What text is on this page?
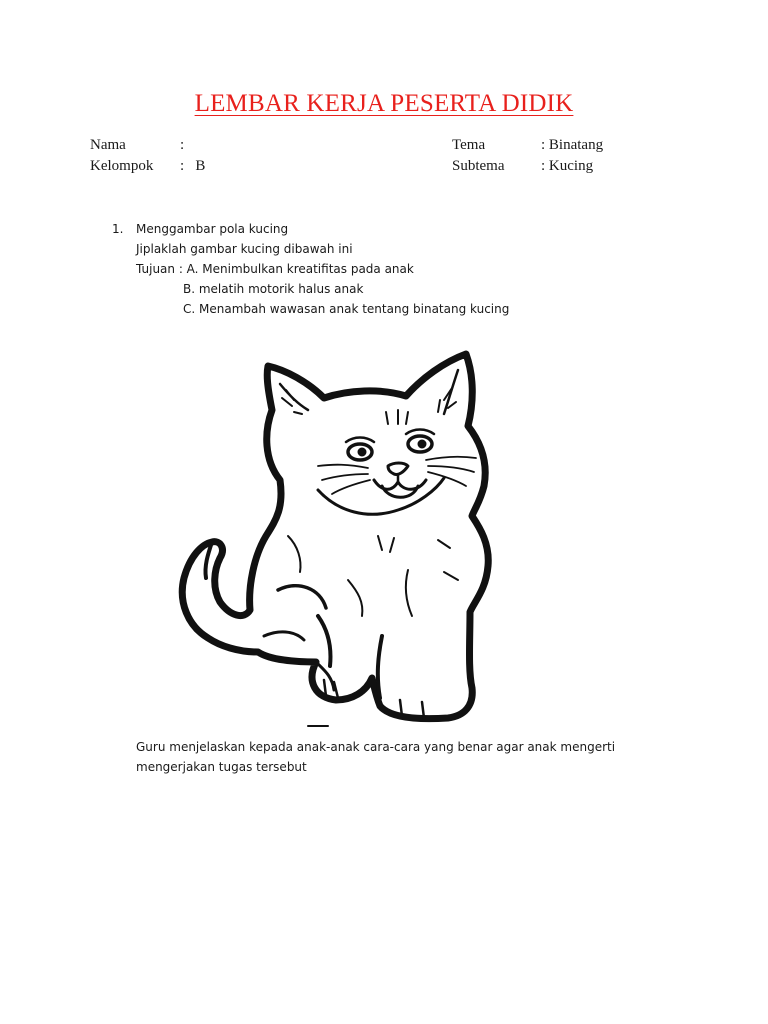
LEMBAR KERJA PESERTA DIDIK
Nama	:
Kelompok :   B
Tema	: Binatang
Subtema : Kucing
1. Menggambar pola kucing
Jiplaklah gambar kucing dibawah ini
Tujuan : A. Menimbulkan kreatifitas pada anak
B. melatih motorik halus anak
C. Menambah wawasan anak tentang binatang kucing
Guru menjelaskan kepada anak-anak cara-cara yang benar agar anak mengerti mengerjakan tugas tersebut
